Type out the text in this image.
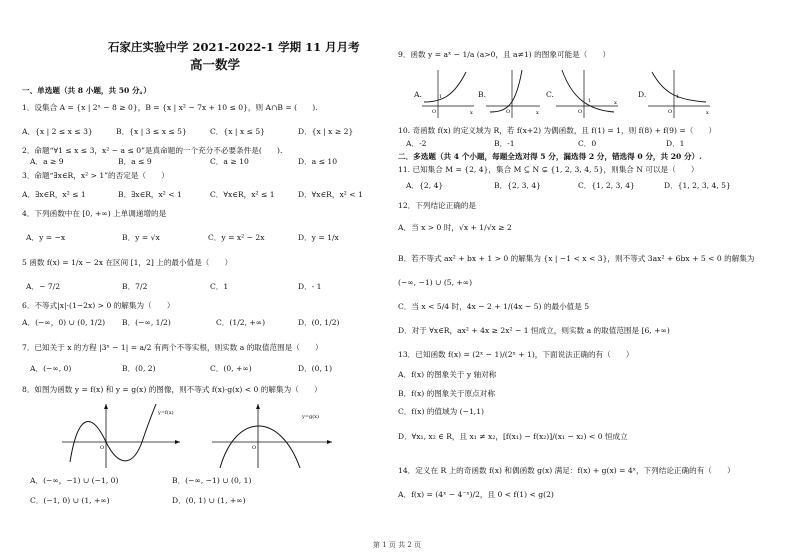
石家庄实验中学 2021-2022-1 学期 11 月月考
高一数学
一、单选题（共 8 小题，共 50 分。）
1．设集合 A = {x | 2ˣ − 8 ≥ 0}，B = {x | x² − 7x + 10 ≤ 0}，则 A∩B = (　　).
A．{x | 2 ≤ x ≤ 3}	B．{x | 3 ≤ x ≤ 5}	C．{x | x ≤ 5}	D．{x | x ≥ 2}
2．命题“∀1 ≤ x ≤ 3，x² − a ≤ 0”是真命题的一个充分不必要条件是(　　).
A．a ≥ 9	B．a ≤ 9	C．a ≥ 10	D．a ≤ 10
3．命题“∃x∈R，x² > 1”的否定是（　　）
A．∃x∈R，x² ≤ 1	B．∃x∈R，x² < 1	C．∀x∈R，x² ≤ 1	D．∀x∈R，x² < 1
4．下列函数中在 [0, +∞) 上单调递增的是
A．y = −x	B．y = √x	C．y = x² − 2x	D．y = 1/x
5 函数 f(x) = 1/x − 2x 在区间 [1，2] 上的最小值是（　　）
A．− 7/2	B．7/2	C．1	D．- 1
6．不等式|x|·(1−2x) > 0 的解集为（　　）
A．(−∞，0) ∪ (0, 1/2) B．(−∞, 1/2)	C．(1/2, +∞)	D．(0, 1/2)
7．已知关于 x 的方程 |3ˣ − 1| = a/2 有两个不等实根，则实数 a 的取值范围是（　　）
A．(−∞, 0)	B．(0, 2)	C．(0, +∞)	D．(0, 1)
8．如图为函数 y = f(x) 和 y = g(x) 的图像，则不等式 f(x)·g(x) < 0 的解集为（　　）
y=f(x)
O
y=g(x)
O
A．(−∞，−1) ∪ (−1, 0)	B．(−∞, −1) ∪ (0, 1)
C．(−1, 0) ∪ (1, +∞)	D．(0, 1) ∪ (1, +∞)
9．函数 y = aˣ − 1/a (a>0，且 a≠1) 的图象可能是（　　）
A.	B.	C.	D.
O
1
x	O	x	O
1	x
O
1
x
10. 奇函数 f(x) 的定义域为 R，若 f(x+2) 为偶函数，且 f(1) = 1，则 f(8) + f(9) =（　　）
A．-2	B．-1	C．0	D．1
二．多选题（共 4 个小题，每题全选对得 5 分，漏选得 2 分，错选得 0 分，共 20 分）.
11. 已知集合 M = {2, 4}，集合 M ⊆ N ⊊ {1, 2, 3, 4, 5}，则集合 N 可以是（　　）
A．{2, 4}	B．{2, 3, 4}	C．{1, 2, 3, 4}	D．{1, 2, 3, 4, 5}
12．下列结论正确的是
A．当 x > 0 时，√x + 1/√x ≥ 2
B．若不等式 ax² + bx + 1 > 0 的解集为 {x | −1 < x < 3}，则不等式 3ax² + 6bx + 5 < 0 的解集为
(−∞, −1) ∪ (5, +∞)
C．当 x < 5/4 时，4x − 2 + 1/(4x − 5) 的最小值是 5
D．对于 ∀x∈R，ax² + 4x ≥ 2x² − 1 恒成立，则实数 a 的取值范围是 [6, +∞)
13．已知函数 f(x) = (2ˣ − 1)/(2ˣ + 1)，下面说法正确的有（　　）
A．f(x) 的图象关于 y 轴对称
B．f(x) 的图象关于原点对称
C．f(x) 的值域为 (−1,1)
D．∀x₁, x₂ ∈ R，且 x₁ ≠ x₂，[f(x₁) − f(x₂)]/(x₁ − x₂) < 0 恒成立
14．定义在 R 上的奇函数 f(x) 和偶函数 g(x) 满足：f(x) + g(x) = 4ˣ，下列结论正确的有（　　）
A．f(x) = (4ˣ − 4⁻ˣ)/2，且 0 < f(1) < g(2)
第 1 页 共 2 页
